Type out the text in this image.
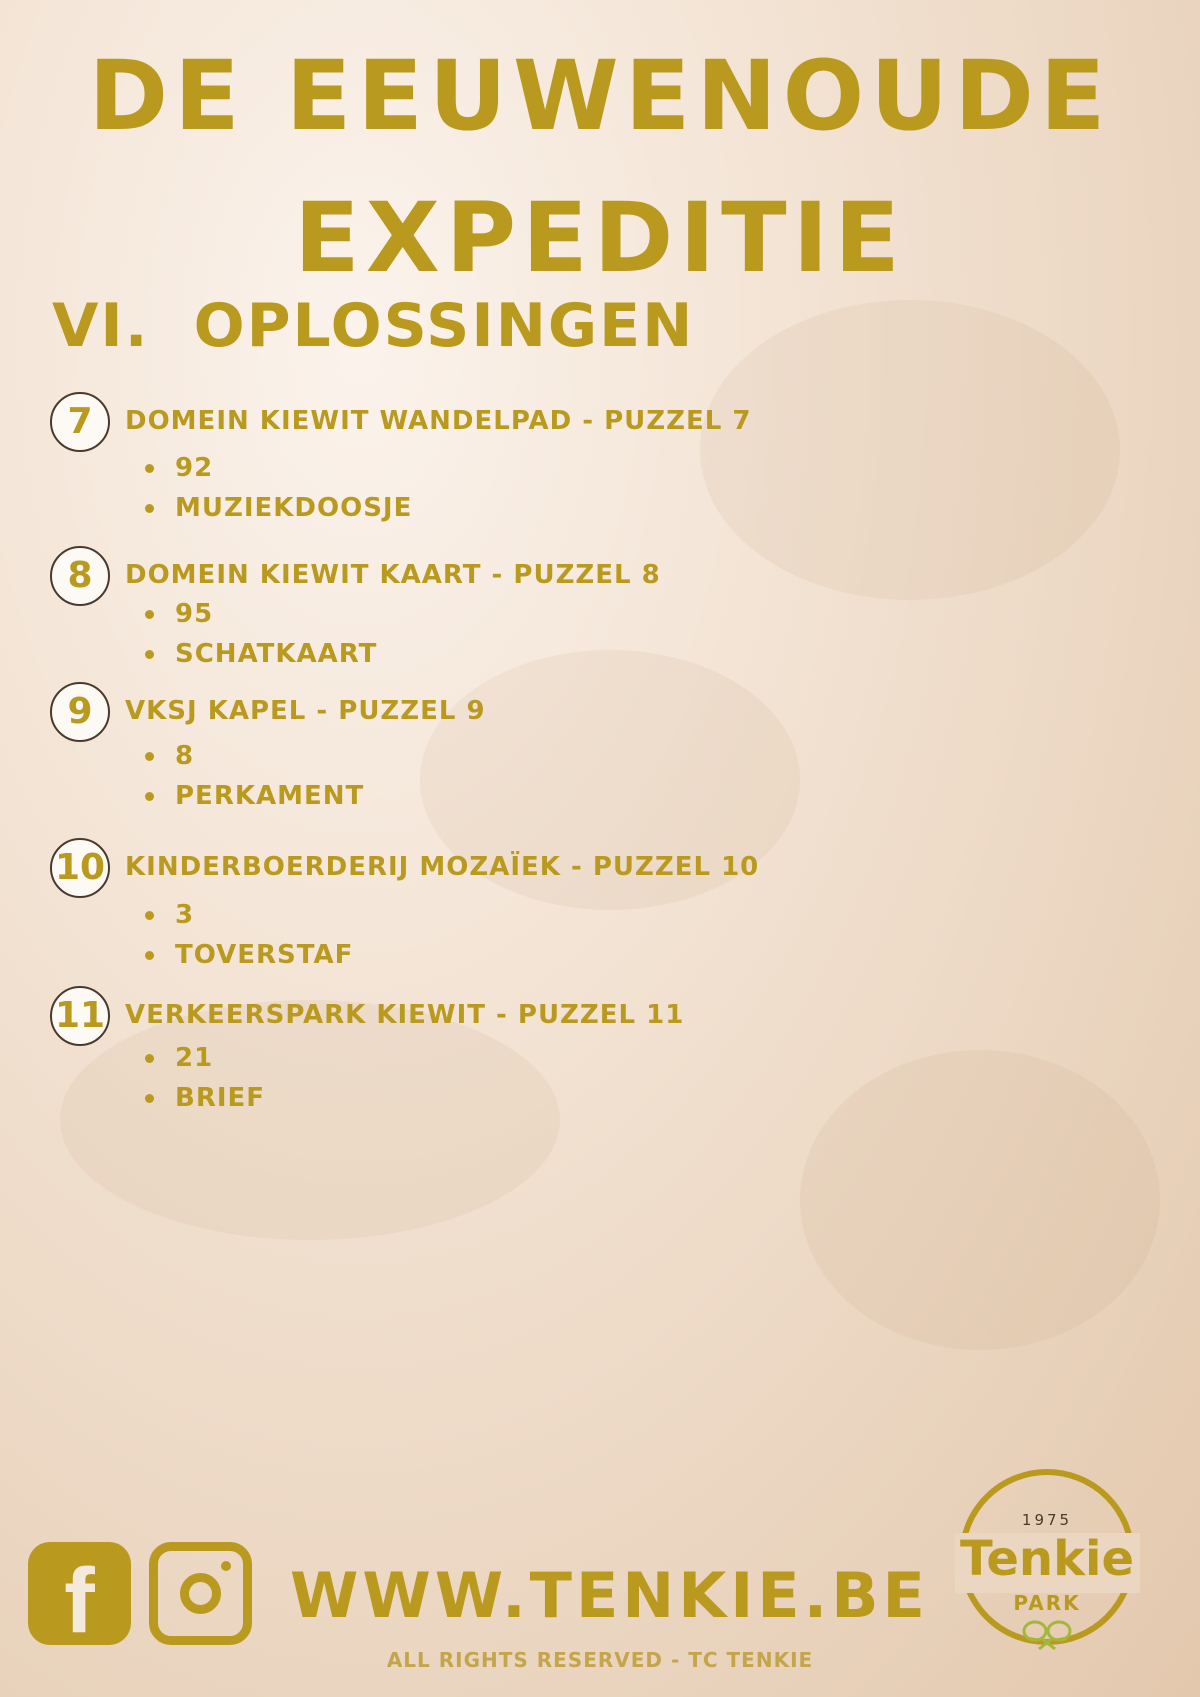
DE EEUWENOUDE
EXPEDITIE
VI. OPLOSSINGEN
7	DOMEIN KIEWIT WANDELPAD - PUZZEL 7
92
MUZIEKDOOSJE
8	DOMEIN KIEWIT KAART - PUZZEL 8
95
SCHATKAART
9	VKSJ KAPEL - PUZZEL 9
8
PERKAMENT
10 KINDERBOERDERIJ MOZAÏEK - PUZZEL 10
3
TOVERSTAF
11 VERKEERSPARK KIEWIT - PUZZEL 11
21
BRIEF
f	WWW.TENKIE.BE
ALL RIGHTS RESERVED - TC TENKIE
1975
Tenkie
PARK
